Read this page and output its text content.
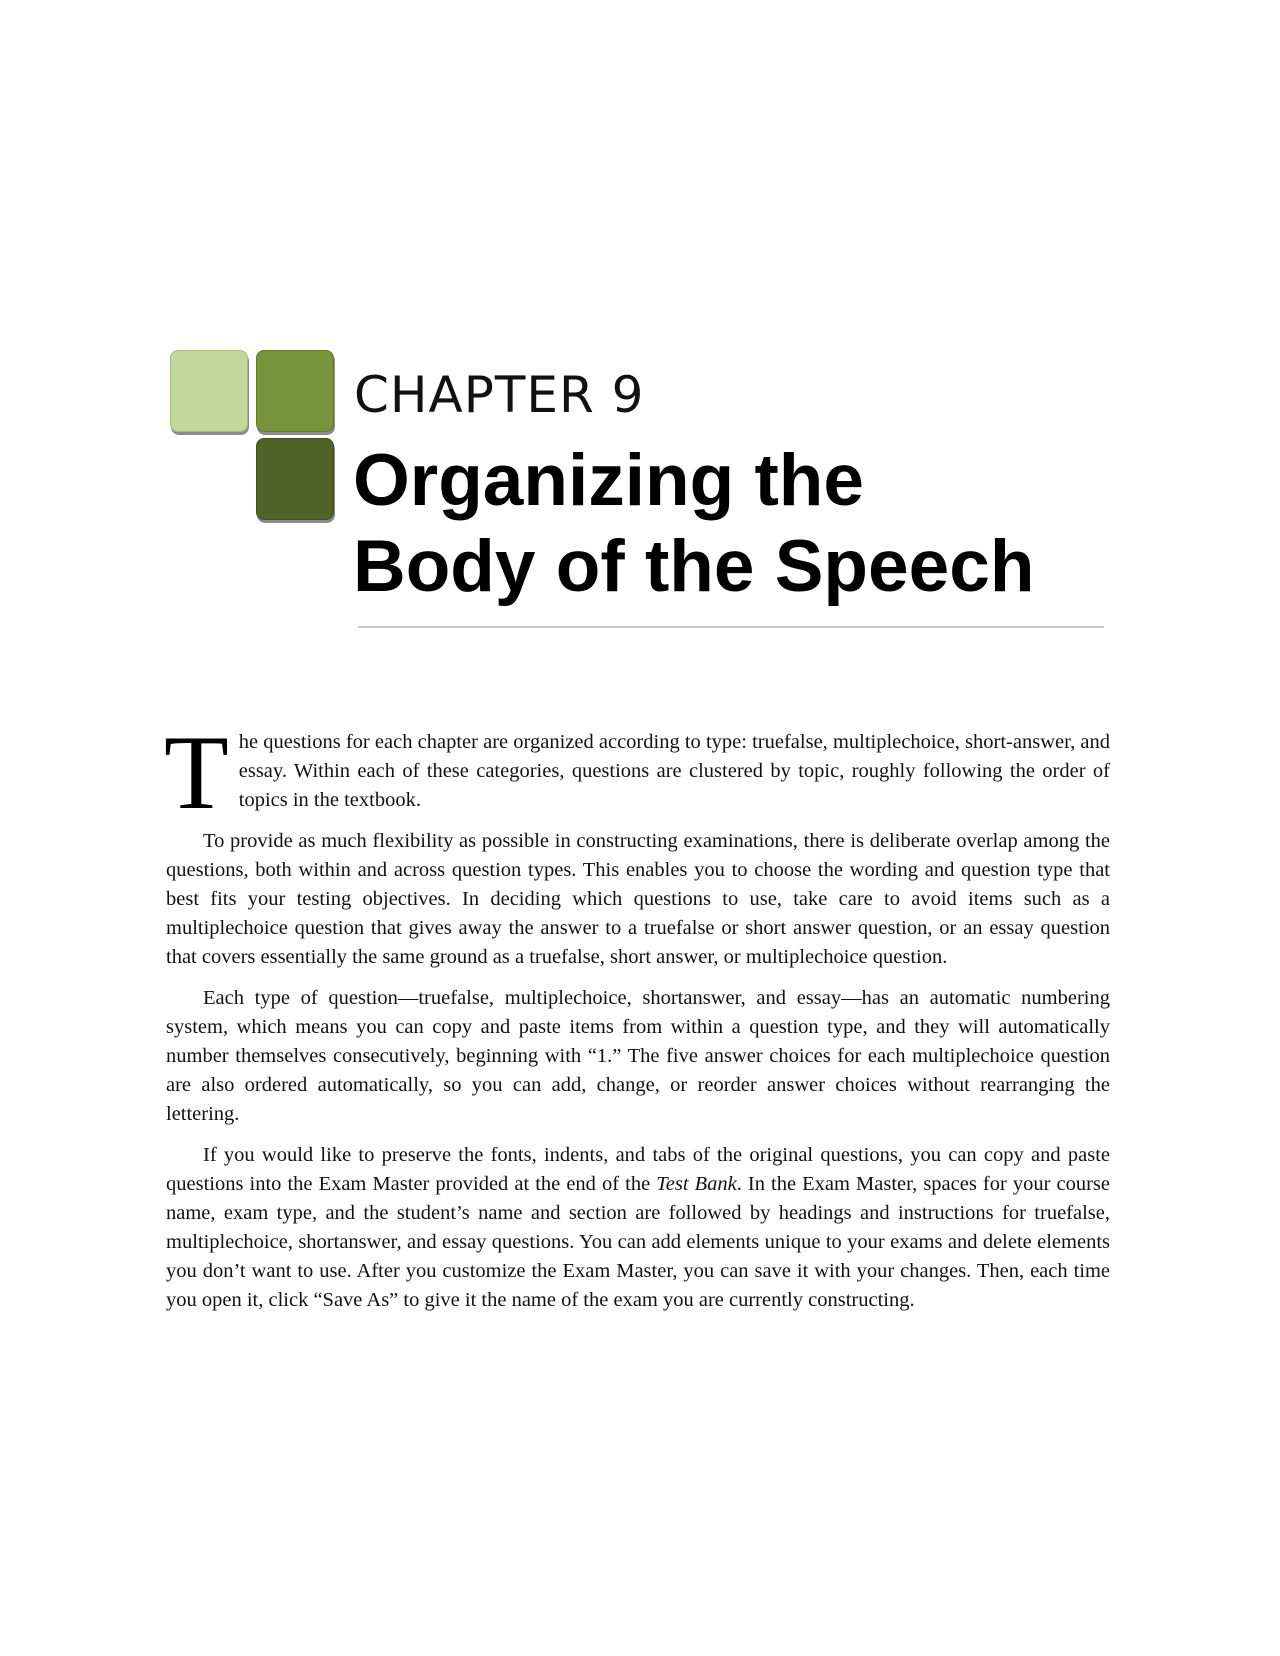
CHAPTER 9
Organizing the
Body of the Speech

The questions for each chapter are organized according to type: truefalse, multiplechoice, short-answer, and essay. Within each of these categories, questions are clustered by topic, roughly following the order of topics in the textbook.

To provide as much flexibility as possible in constructing examinations, there is deliberate overlap among the questions, both within and across question types. This enables you to choose the wording and question type that best fits your testing objectives. In deciding which questions to use, take care to avoid items such as a multiplechoice question that gives away the answer to a truefalse or short answer question, or an essay question that covers essentially the same ground as a truefalse, short answer, or multiplechoice question.

Each type of question—truefalse, multiplechoice, shortanswer, and essay—has an automatic numbering system, which means you can copy and paste items from within a question type, and they will automatically number themselves consecutively, beginning with “1.” The five answer choices for each multiplechoice question are also ordered automatically, so you can add, change, or reorder answer choices without rearranging the lettering.

If you would like to preserve the fonts, indents, and tabs of the original questions, you can copy and paste questions into the Exam Master provided at the end of the Test Bank. In the Exam Master, spaces for your course name, exam type, and the student’s name and section are followed by headings and instructions for truefalse, multiplechoice, shortanswer, and essay questions. You can add elements unique to your exams and delete elements you don’t want to use. After you customize the Exam Master, you can save it with your changes. Then, each time you open it, click “Save As” to give it the name of the exam you are currently constructing.
